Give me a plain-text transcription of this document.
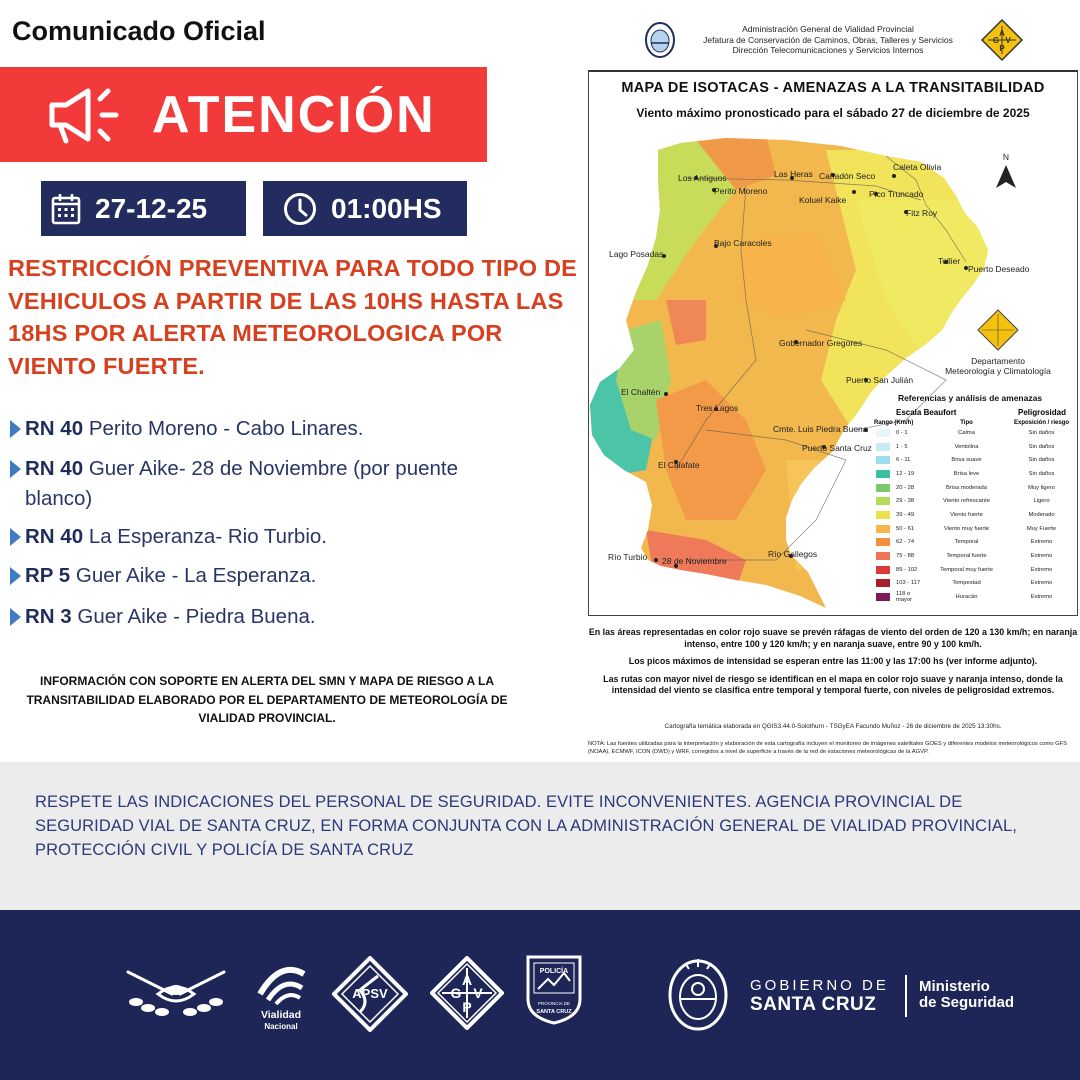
Comunicado Oficial
ATENCIÓN
27-12-25	01:00HS
RESTRICCIÓN PREVENTIVA PARA TODO TIPO DE VEHICULOS A PARTIR DE LAS 10HS HASTA LAS 18HS POR ALERTA METEOROLOGICA POR VIENTO FUERTE.
RN 40 Perito Moreno - Cabo Linares.
RN 40 Guer Aike- 28 de Noviembre (por puente blanco)
RN 40 La Esperanza- Rio Turbio.
RP 5 Guer Aike - La Esperanza.
RN 3 Guer Aike - Piedra Buena.
INFORMACIÓN CON SOPORTE EN ALERTA DEL SMN Y MAPA DE RIESGO A LA TRANSITABILIDAD ELABORADO POR EL DEPARTAMENTO DE METEOROLOGÍA DE VIALIDAD PROVINCIAL.
Administración General de Vialidad Provincial
Jefatura de Conservación de Caminos, Obras, Talleres y Servicios
Dirección Telecomunicaciones y Servicios Internos
A
G V
P
MAPA DE ISOTACAS - AMENAZAS A LA TRANSITABILIDAD
Viento máximo pronosticado para el sábado 27 de diciembre de 2025
Los Antiguos
Perito Moreno
Las Heras Cañadón Seco
Caleta Olivia
Koluel Kaike
Pico Truncado
Fitz Roy
Bajo Caracoles
Lago Posadas
Tellier
Puerto Deseado
Gobernador Gregores
Puerto San Julián
El Chaltén
Tres Lagos
Cmte. Luis Piedra Buena
Puerto Santa Cruz
El Calafate
Río Turbio 28 de Noviembre
Río Gallegos
N
Departamento
Meteorología y Climatología
Referencias y análisis de amenazas
Escala Beaufort	Peligrosidad
Rango (Km/h)	Tipo	Exposición / riesgo
0 - 1	Calma	Sin daños
1 - 5	Ventolina	Sin daños
6 - 11	Brisa suave	Sin daños
12 - 19	Brisa leve	Sin daños
20 - 28	Brisa moderada	Muy ligero
29 - 38	Viento refrescante	Ligero
39 - 49	Viento fuerte	Moderado
50 - 61	Viento muy fuerte	Muy Fuerte
62 - 74	Temporal	Extremo
75 - 88	Temporal fuerte	Extremo
89 - 102	Temporal muy fuerte	Extremo
103 - 117	Tempestad	Extremo
118 o mayor	Huracán	Extremo

En las áreas representadas en color rojo suave se prevén ráfagas de viento del orden de 120 a 130 km/h; en naranja intenso, entre 100 y 120 km/h; y en naranja suave, entre 90 y 100 km/h.

Los picos máximos de intensidad se esperan entre las 11:00 y las 17:00 hs (ver informe adjunto).

Las rutas con mayor nivel de riesgo se identifican en el mapa en color rojo suave y naranja intenso, donde la intensidad del viento se clasifica entre temporal y temporal fuerte, con niveles de peligrosidad extremos.

Cartografía temática elaborada en QGIS3.44.0-Solothurn - TSGyEA Facundo Muñoz - 26 de diciembre de 2025 13:30hs.
NOTA: Las fuentes utilizadas para la interpretación y elaboración de esta cartografía incluyen el monitoreo de imágenes satelitales GOES y diferentes modelos meteorológicos como GFS (NOAA), ECMWF, ICON (DWD) y WRF, corregidos a nivel de superficie a través de la red de estaciones meteorológicas de la AGVP.

RESPETE LAS INDICACIONES DEL PERSONAL DE SEGURIDAD. EVITE INCONVENIENTES. AGENCIA PROVINCIAL DE SEGURIDAD VIAL DE SANTA CRUZ, EN FORMA CONJUNTA CON LA ADMINISTRACIÓN GENERAL DE VIALIDAD PROVINCIAL, PROTECCIÓN CIVIL Y POLICÍA DE SANTA CRUZ

Vialidad
Nacional
APSV
A
G V
P
POLICÍA
PROVINCIA DE
SANTA CRUZ
GOBIERNO DE
SANTA CRUZ
Ministerio
de Seguridad
